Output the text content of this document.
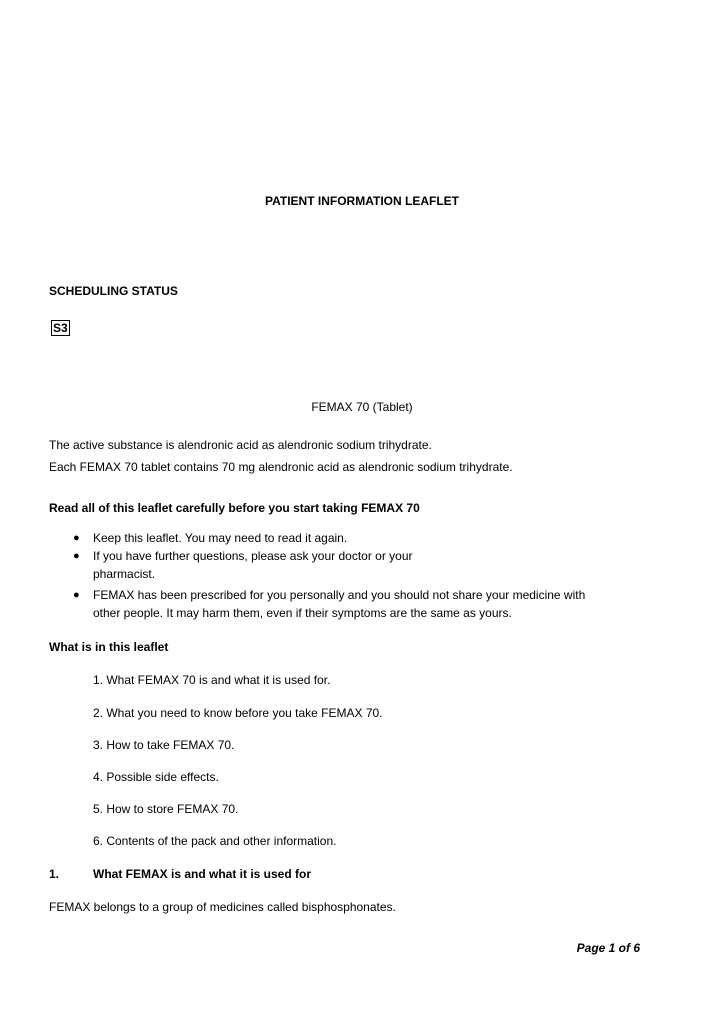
PATIENT INFORMATION LEAFLET
SCHEDULING STATUS
S3
FEMAX 70 (Tablet)
The active substance is alendronic acid as alendronic sodium trihydrate.
Each FEMAX 70 tablet contains 70 mg alendronic acid as alendronic sodium trihydrate.
Read all of this leaflet carefully before you start taking FEMAX 70
● Keep this leaflet. You may need to read it again.
● If you have further questions, please ask your doctor or your
pharmacist.
● FEMAX has been prescribed for you personally and you should not share your medicine with
other people. It may harm them, even if their symptoms are the same as yours.
What is in this leaflet
1. What FEMAX 70 is and what it is used for.
2. What you need to know before you take FEMAX 70.
3. How to take FEMAX 70.
4. Possible side effects.
5. How to store FEMAX 70.
6. Contents of the pack and other information.
1.	What FEMAX is and what it is used for
FEMAX belongs to a group of medicines called bisphosphonates.
Page 1 of 6
